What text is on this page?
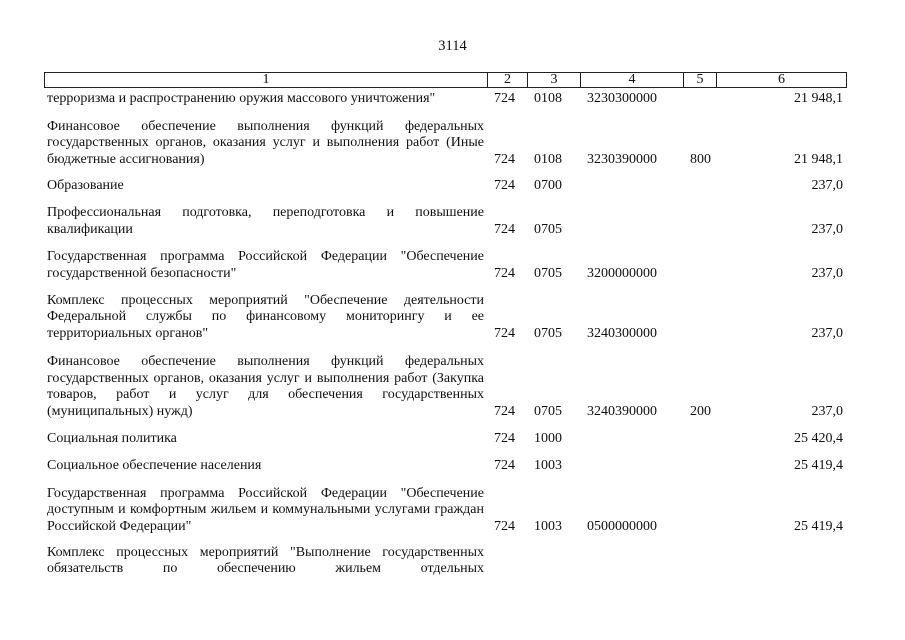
3114
1	2	3	4	5	6
терроризма и распространению оружия массового уничтожения"	724 0108 3230300000	21 948,1
Финансовое обеспечение выполнения функций федеральных государственных органов, оказания услуг и выполнения работ (Иные бюджетные ассигнования)	724 0108 3230390000 800	21 948,1
Образование	724 0700	237,0
Профессиональная подготовка, переподготовка и повышение квалификации	724 0705	237,0
Государственная программа Российской Федерации "Обеспечение государственной безопасности"	724 0705 3200000000	237,0
Комплекс процессных мероприятий "Обеспечение деятельности Федеральной службы по финансовому мониторингу и ее территориальных органов"	724 0705 3240300000	237,0
Финансовое обеспечение выполнения функций федеральных государственных органов, оказания услуг и выполнения работ (Закупка товаров, работ и услуг для обеспечения государственных (муниципальных) нужд)	724 0705 3240390000 200	237,0
Социальная политика	724 1000	25 420,4
Социальное обеспечение населения	724 1003	25 419,4
Государственная программа Российской Федерации "Обеспечение доступным и комфортным жильем и коммунальными услугами граждан Российской Федерации"	724 1003 0500000000	25 419,4
Комплекс процессных мероприятий "Выполнение государственных обязательств по обеспечению жильем отдельных
